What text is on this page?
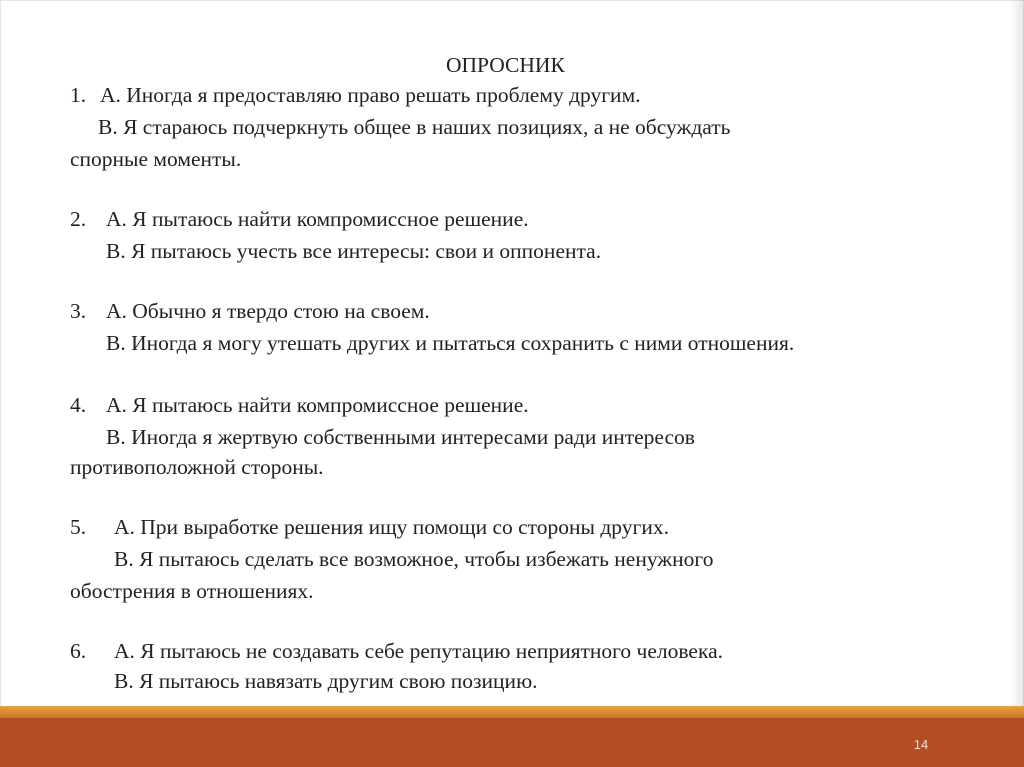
ОПРОСНИК
1. А. Иногда я предоставляю право решать проблему другим.
В. Я стараюсь подчеркнуть общее в наших позициях, а не обсуждать
спорные моменты.
2. А. Я пытаюсь найти компромиссное решение.
В. Я пытаюсь учесть все интересы: свои и оппонента.
3. А. Обычно я твердо стою на своем.
В. Иногда я могу утешать других и пытаться сохранить с ними отношения.
4. А. Я пытаюсь найти компромиссное решение.
В. Иногда я жертвую собственными интересами ради интересов
противоположной стороны.
5. А. При выработке решения ищу помощи со стороны других.
В. Я пытаюсь сделать все возможное, чтобы избежать ненужного
обострения в отношениях.
6. А. Я пытаюсь не создавать себе репутацию неприятного человека.
В. Я пытаюсь навязать другим свою позицию.
14
